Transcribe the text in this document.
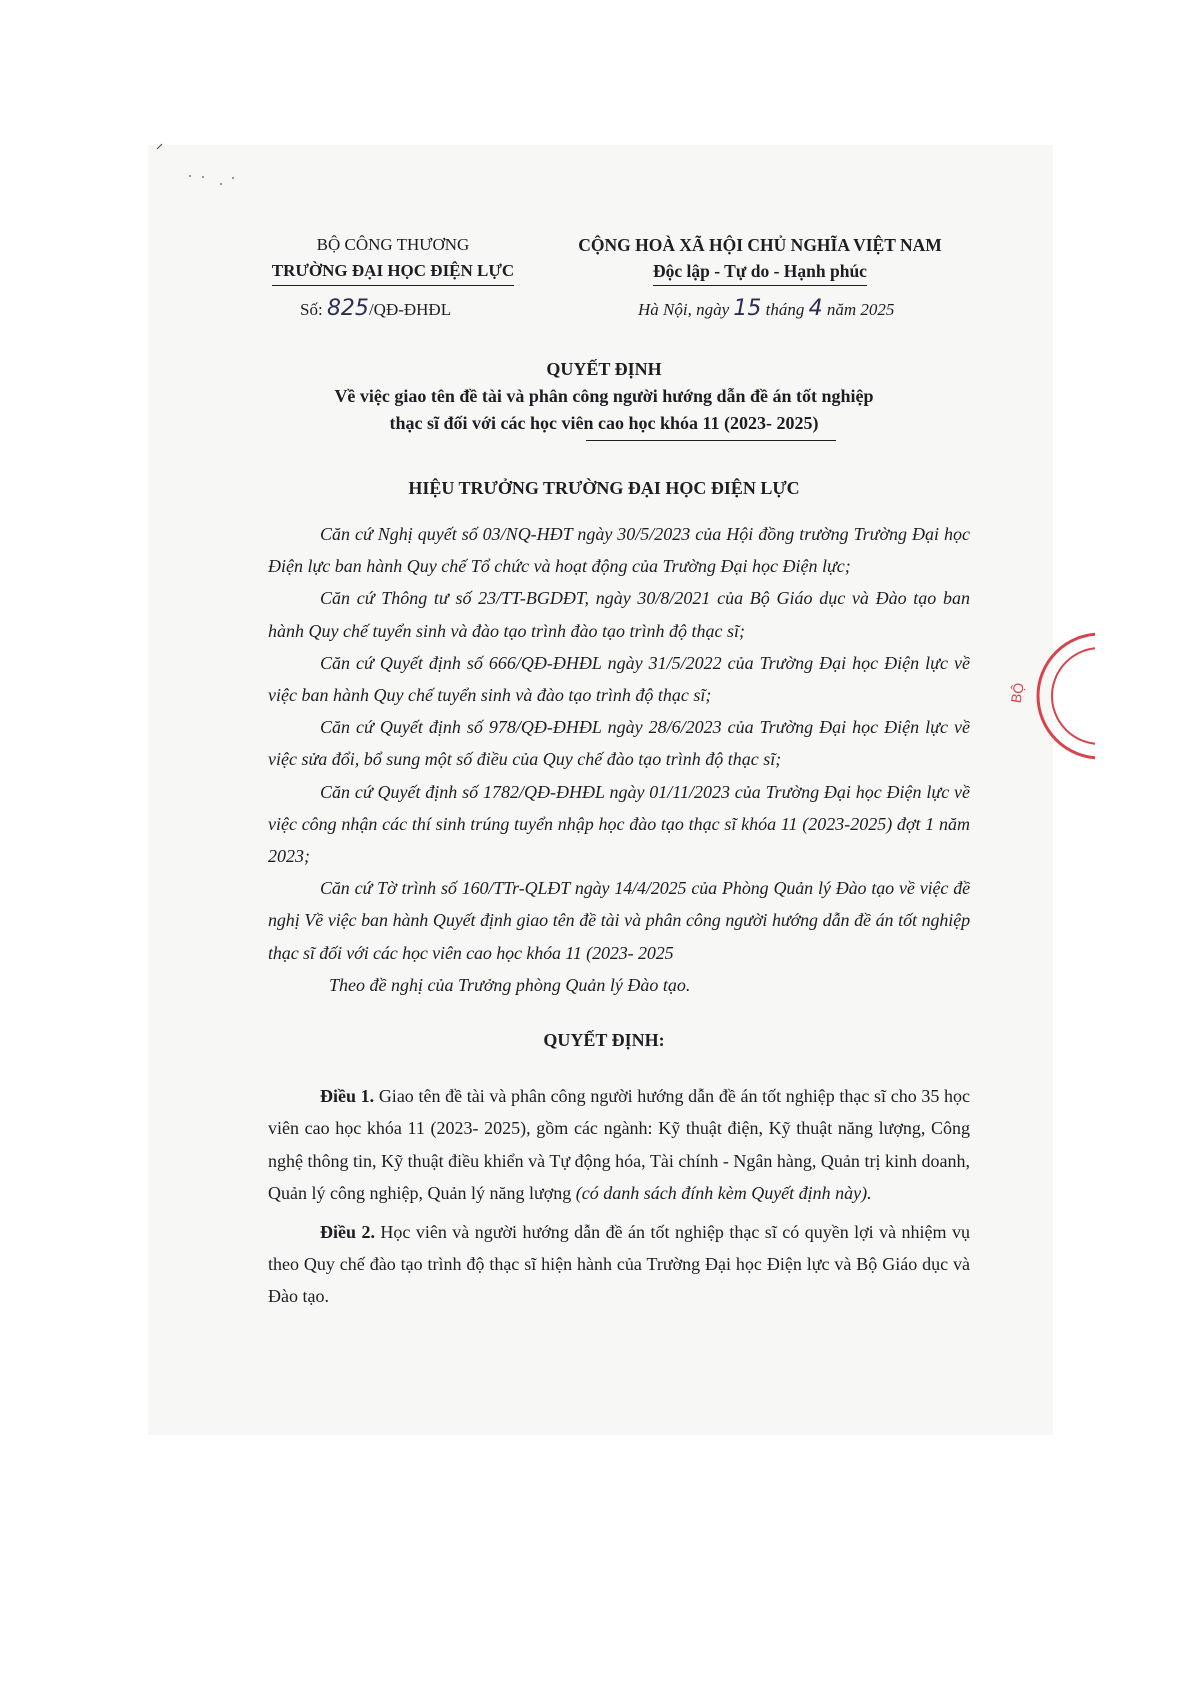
BỘ
BỘ CÔNG THƯƠNG
TRƯỜNG ĐẠI HỌC ĐIỆN LỰC
CỘNG HOÀ XÃ HỘI CHỦ NGHĨA VIỆT NAM
Độc lập - Tự do - Hạnh phúc
Số: 825/QĐ-ĐHĐL	Hà Nội, ngày 15 tháng 4 năm 2025
QUYẾT ĐỊNH
Về việc giao tên đề tài và phân công người hướng dẫn đề án tốt nghiệp
thạc sĩ đối với các học viên cao học khóa 11 (2023- 2025)
HIỆU TRƯỞNG TRƯỜNG ĐẠI HỌC ĐIỆN LỰC

Căn cứ Nghị quyết số 03/NQ-HĐT ngày 30/5/2023 của Hội đồng trường Trường Đại học Điện lực ban hành Quy chế Tổ chức và hoạt động của Trường Đại học Điện lực;

Căn cứ Thông tư số 23/TT-BGDĐT, ngày 30/8/2021 của Bộ Giáo dục và Đào tạo ban hành Quy chế tuyển sinh và đào tạo trình đào tạo trình độ thạc sĩ;

Căn cứ Quyết định số 666/QĐ-ĐHĐL ngày 31/5/2022 của Trường Đại học Điện lực về việc ban hành Quy chế tuyển sinh và đào tạo trình độ thạc sĩ;

Căn cứ Quyết định số 978/QĐ-ĐHĐL ngày 28/6/2023 của Trường Đại học Điện lực về việc sửa đổi, bổ sung một số điều của Quy chế đào tạo trình độ thạc sĩ;

Căn cứ Quyết định số 1782/QĐ-ĐHĐL ngày 01/11/2023 của Trường Đại học Điện lực về việc công nhận các thí sinh trúng tuyển nhập học đào tạo thạc sĩ khóa 11 (2023-2025) đợt 1 năm 2023;

Căn cứ Tờ trình số 160/TTr-QLĐT ngày 14/4/2025 của Phòng Quản lý Đào tạo về việc đề nghị Về việc ban hành Quyết định giao tên đề tài và phân công người hướng dẫn đề án tốt nghiệp thạc sĩ đối với các học viên cao học khóa 11 (2023- 2025

Theo đề nghị của Trưởng phòng Quản lý Đào tạo.

QUYẾT ĐỊNH:

Điều 1. Giao tên đề tài và phân công người hướng dẫn đề án tốt nghiệp thạc sĩ cho 35 học viên cao học khóa 11 (2023- 2025), gồm các ngành: Kỹ thuật điện, Kỹ thuật năng lượng, Công nghệ thông tin, Kỹ thuật điều khiển và Tự động hóa, Tài chính - Ngân hàng, Quản trị kinh doanh, Quản lý công nghiệp, Quản lý năng lượng (có danh sách đính kèm Quyết định này).

Điều 2. Học viên và người hướng dẫn đề án tốt nghiệp thạc sĩ có quyền lợi và nhiệm vụ theo Quy chế đào tạo trình độ thạc sĩ hiện hành của Trường Đại học Điện lực và Bộ Giáo dục và Đào tạo.
